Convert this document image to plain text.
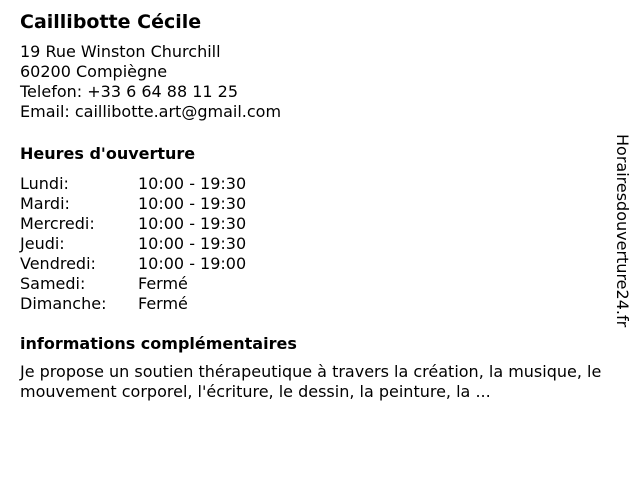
Caillibotte Cécile
19 Rue Winston Churchill
60200 Compiègne
Telefon: +33 6 64 88 11 25
Email: caillibotte.art@gmail.com
Heures d'ouverture
Lundi:	10:00 - 19:30
Mardi:	10:00 - 19:30
Mercredi:	10:00 - 19:30
Jeudi:	10:00 - 19:30
Vendredi:	10:00 - 19:00
Samedi:	Fermé
Dimanche:	Fermé
informations complémentaires
Je propose un soutien thérapeutique à travers la création, la musique, le mouvement corporel, l'écriture, le dessin, la peinture, la ...
Horairesdouverture24.fr
